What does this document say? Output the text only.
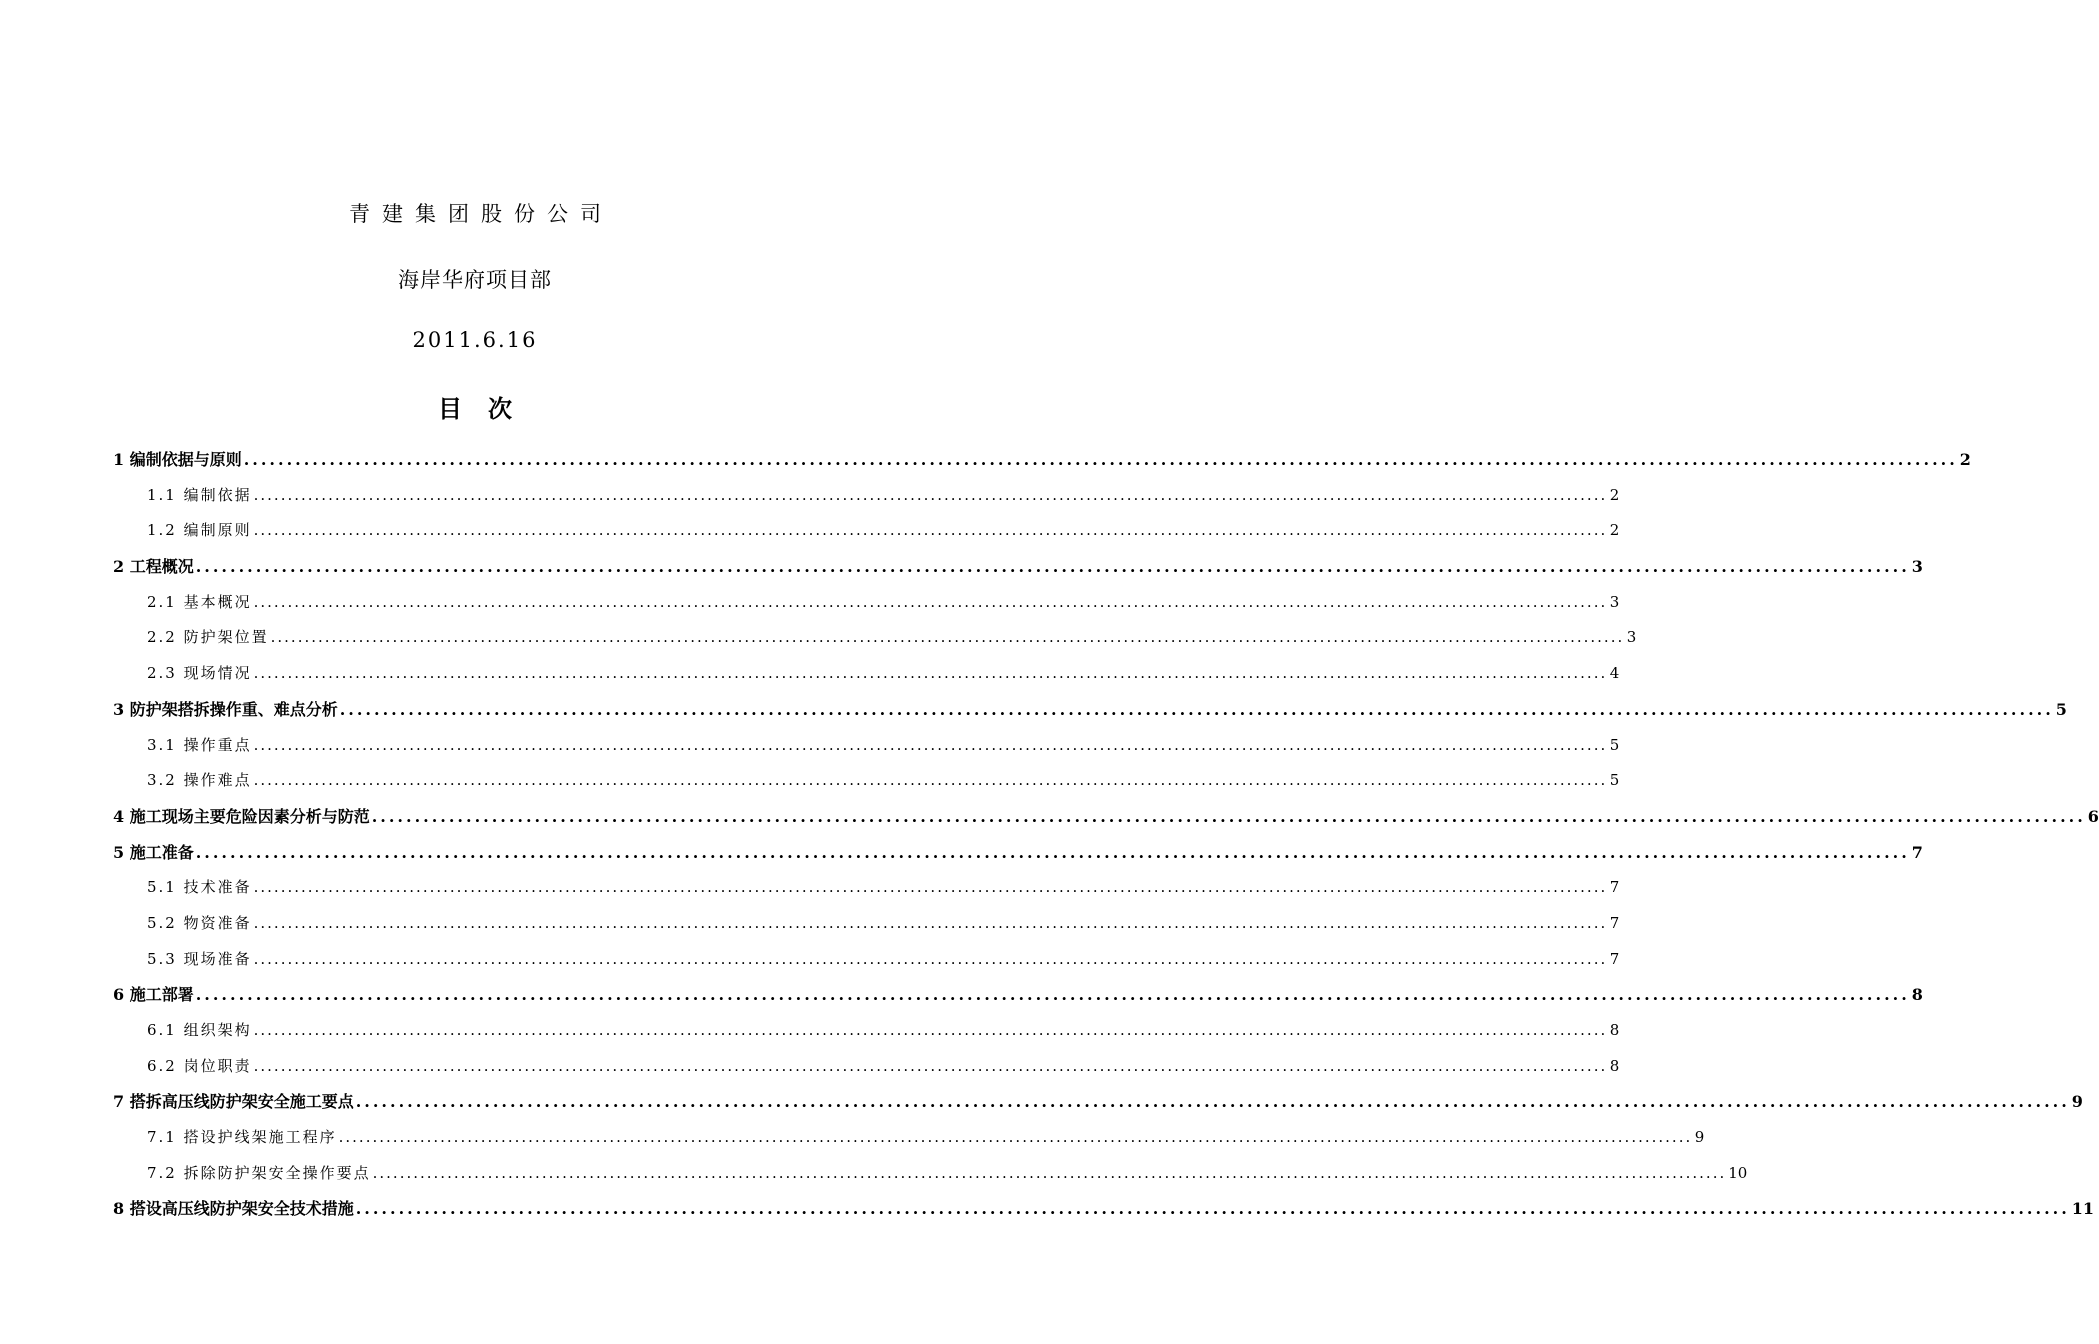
青建集团股份公司
海岸华府项目部
2011.6.16
目次
1 编制依据与原则 ........................................................................................................................................................................................................ 2
1.1 编制依据 ........................................................................................................................................................................................................ 2
1.2 编制原则 ........................................................................................................................................................................................................ 2
2 工程概况 ........................................................................................................................................................................................................ 3
2.1 基本概况 ........................................................................................................................................................................................................ 3
2.2 防护架位置 ........................................................................................................................................................................................................ 3
2.3 现场情况 ........................................................................................................................................................................................................ 4
3 防护架搭拆操作重、难点分析 ........................................................................................................................................................................................................ 5
3.1 操作重点 ........................................................................................................................................................................................................ 5
3.2 操作难点 ........................................................................................................................................................................................................ 5
4 施工现场主要危险因素分析与防范 ........................................................................................................................................................................................................ 6
5 施工准备 ........................................................................................................................................................................................................ 7
5.1 技术准备 ........................................................................................................................................................................................................ 7
5.2 物资准备 ........................................................................................................................................................................................................ 7
5.3 现场准备 ........................................................................................................................................................................................................ 7
6 施工部署 ........................................................................................................................................................................................................ 8
6.1 组织架构 ........................................................................................................................................................................................................ 8
6.2 岗位职责 ........................................................................................................................................................................................................ 8
7 搭拆高压线防护架安全施工要点 ........................................................................................................................................................................................................ 9
7.1 搭设护线架施工程序 ........................................................................................................................................................................................................ 9
7.2 拆除防护架安全操作要点 ........................................................................................................................................................................................................ 10
8 搭设高压线防护架安全技术措施 ........................................................................................................................................................................................................ 11
